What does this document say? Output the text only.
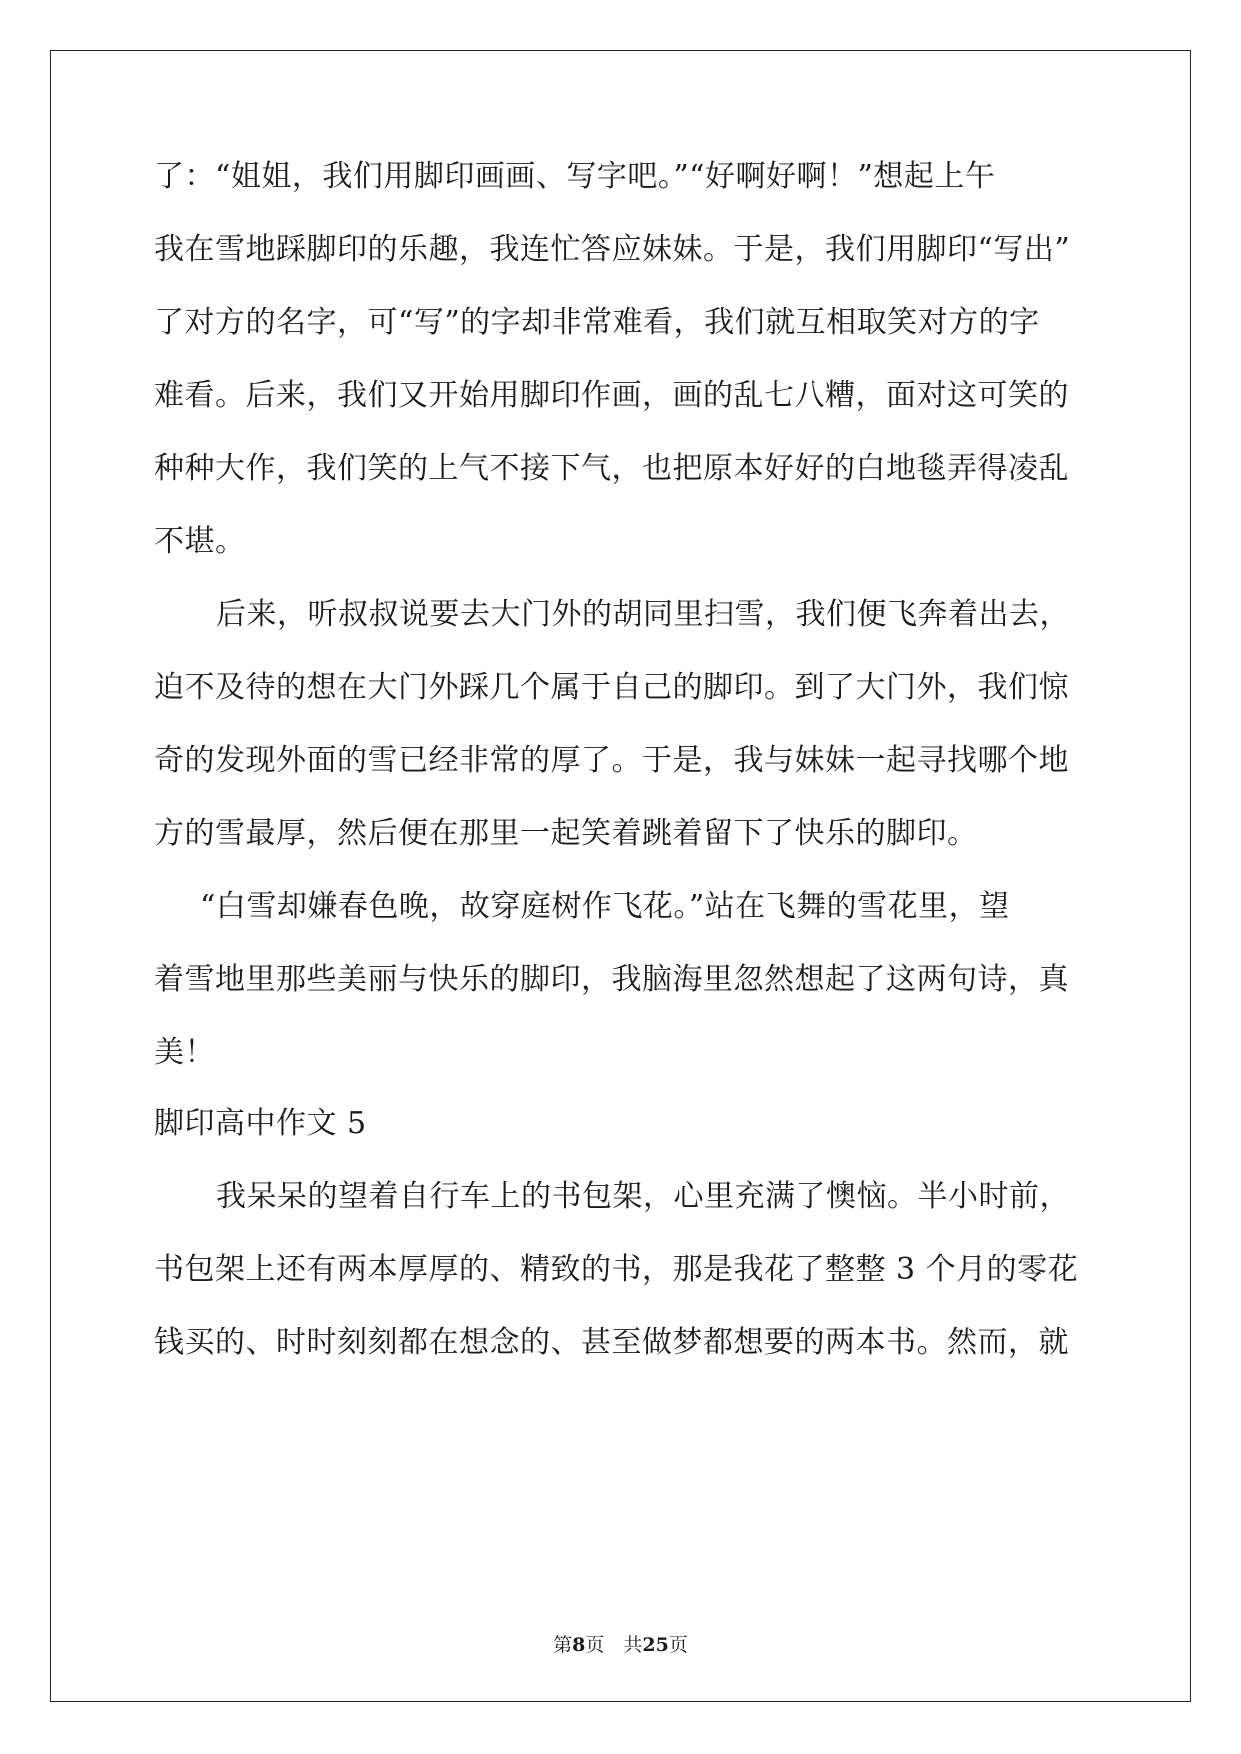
了：“姐姐，我们用脚印画画、写字吧。”“好啊好啊！”想起上午
我在雪地踩脚印的乐趣，我连忙答应妹妹。于是，我们用脚印“写出”
了对方的名字，可“写”的字却非常难看，我们就互相取笑对方的字
难看。后来，我们又开始用脚印作画，画的乱七八糟，面对这可笑的
种种大作，我们笑的上气不接下气，也把原本好好的白地毯弄得凌乱
不堪。
后来，听叔叔说要去大门外的胡同里扫雪，我们便飞奔着出去，
迫不及待的想在大门外踩几个属于自己的脚印。到了大门外，我们惊
奇的发现外面的雪已经非常的厚了。于是，我与妹妹一起寻找哪个地
方的雪最厚，然后便在那里一起笑着跳着留下了快乐的脚印。
“白雪却嫌春色晚，故穿庭树作飞花。”站在飞舞的雪花里，望
着雪地里那些美丽与快乐的脚印，我脑海里忽然想起了这两句诗，真
美！
脚印高中作文 5
我呆呆的望着自行车上的书包架，心里充满了懊恼。半小时前，
书包架上还有两本厚厚的、精致的书，那是我花了整整 3 个月的零花
钱买的、时时刻刻都在想念的、甚至做梦都想要的两本书。然而，就
第8页　共25页
